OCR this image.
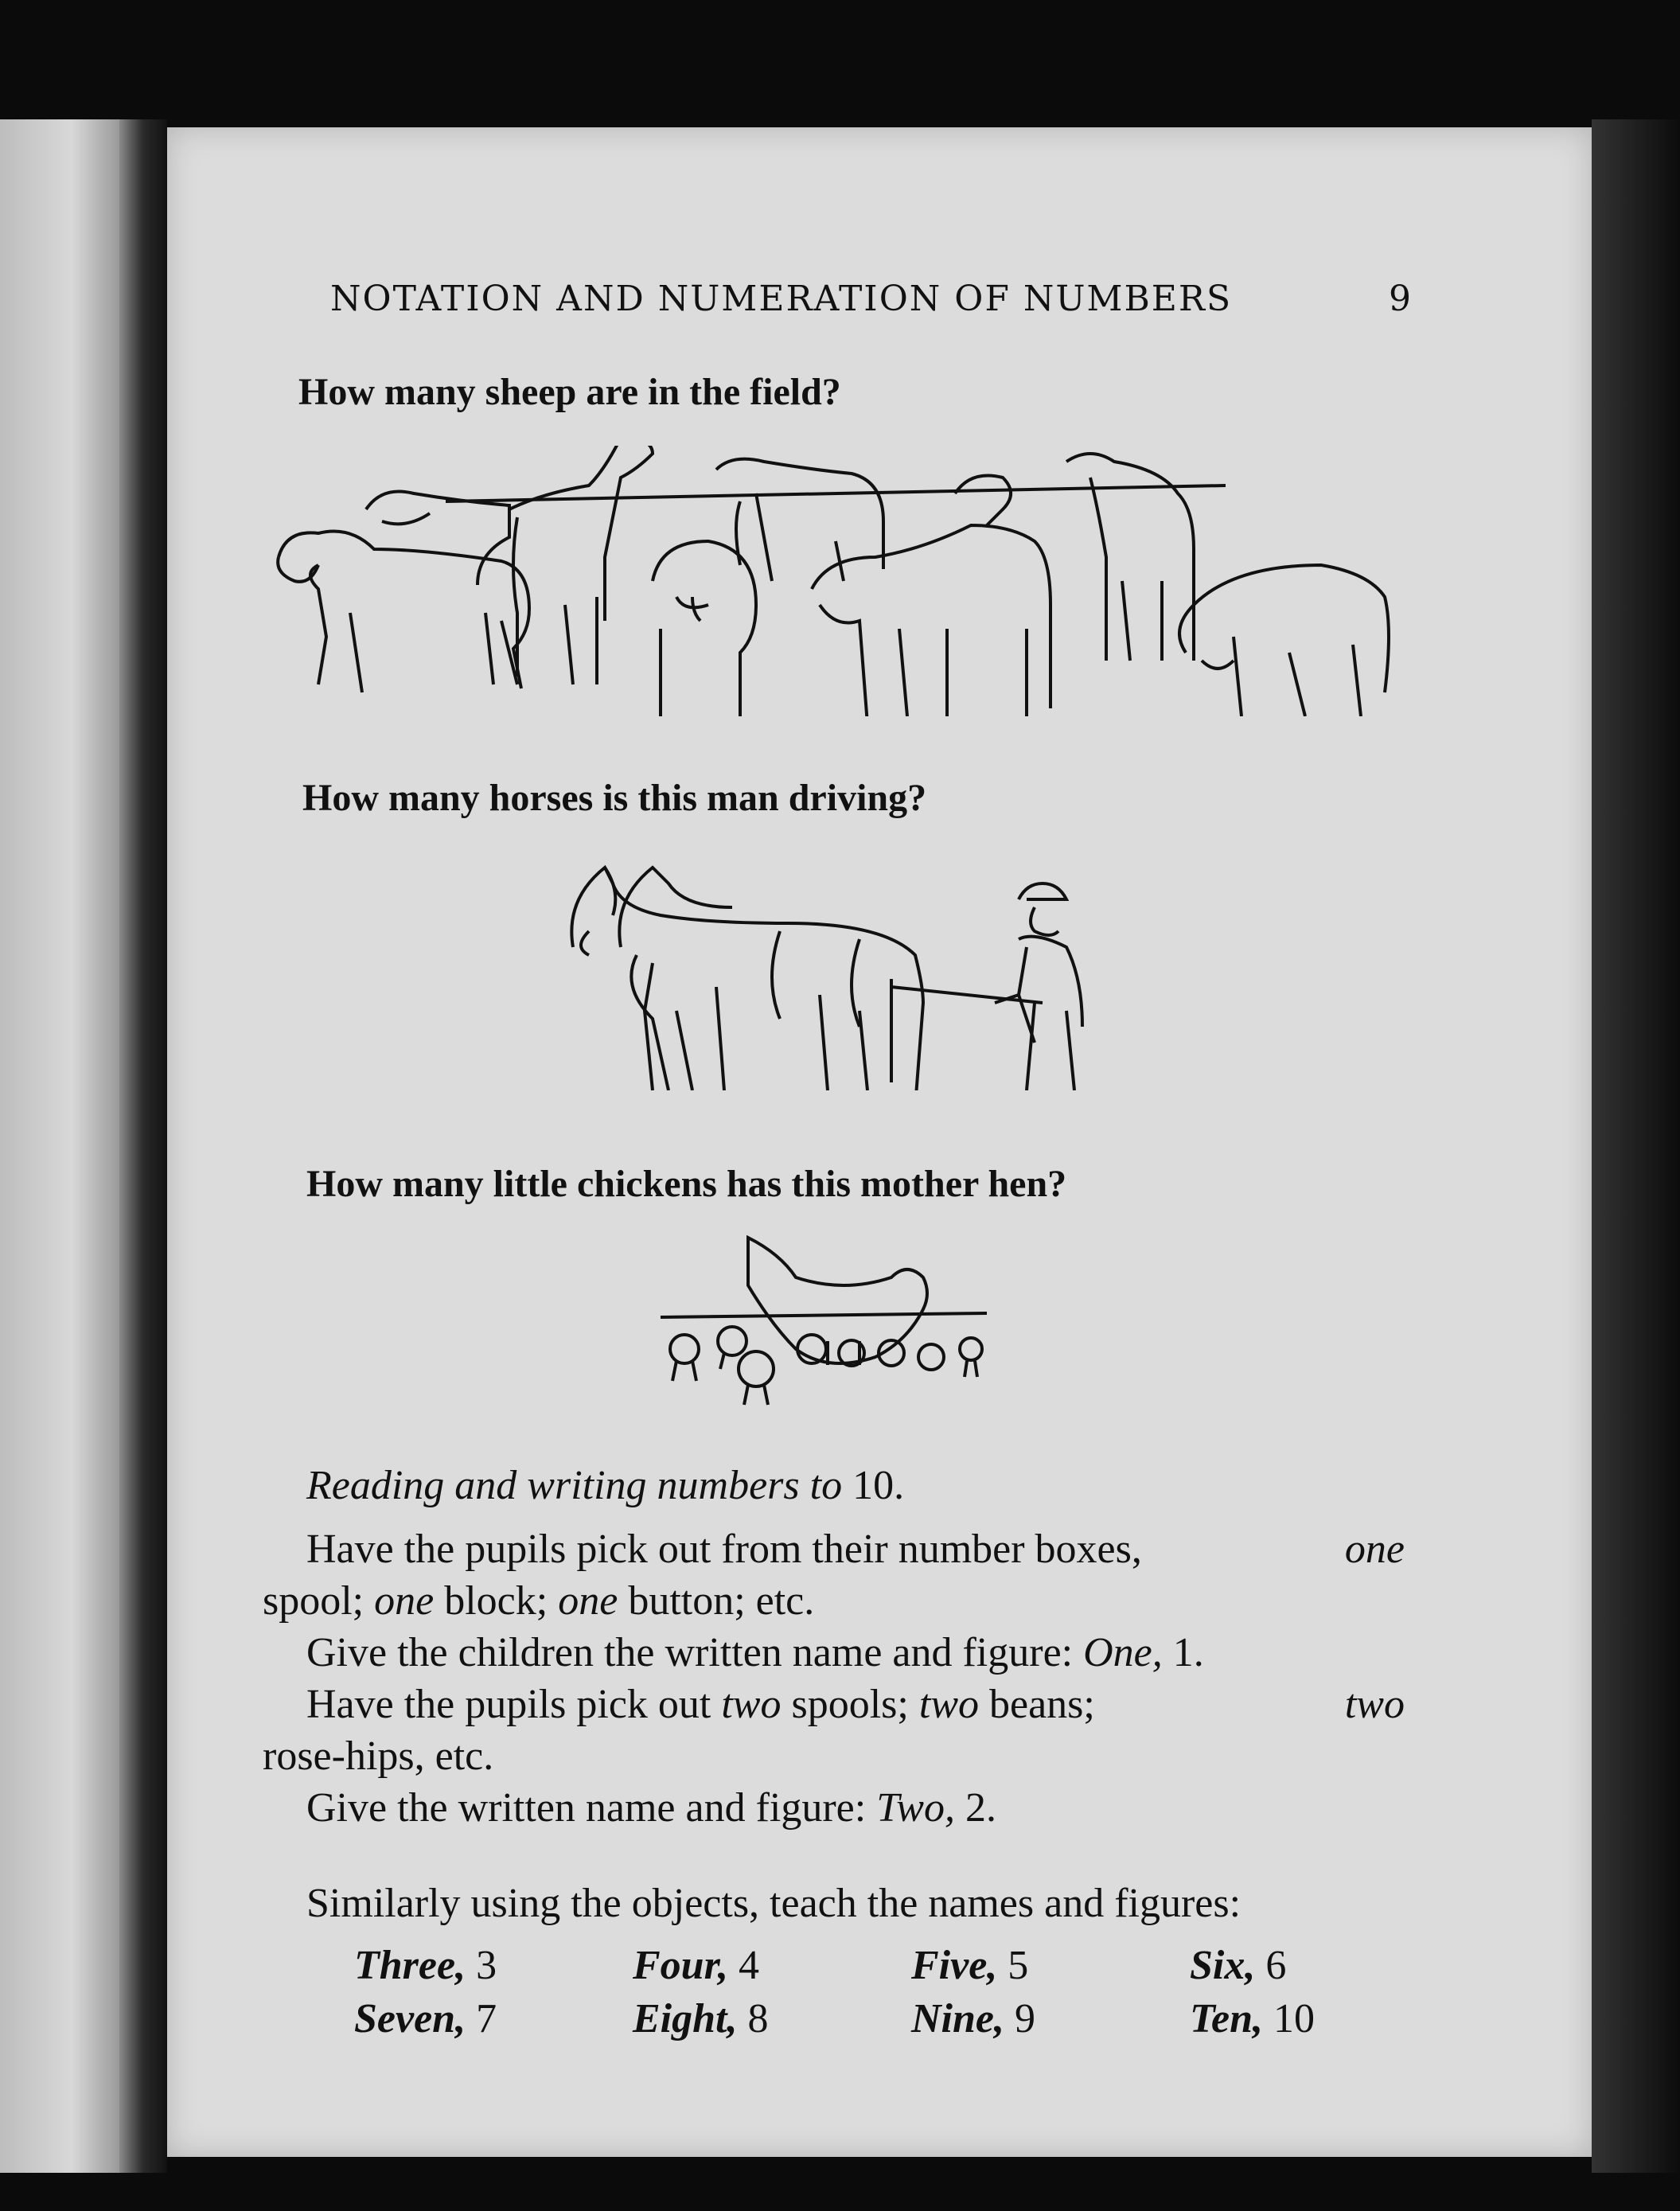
NOTATION AND NUMERATION OF NUMBERS	9
How many sheep are in the field?
How many horses is this man driving?
How many little chickens has this mother hen?
Reading and writing numbers to 10.
Have the pupils pick out from their number boxes,	one
spool; one block; one button; etc.
Give the children the written name and figure: One, 1.
Have the pupils pick out two spools; two beans;	two
rose-hips, etc.
Give the written name and figure: Two, 2.
Similarly using the objects, teach the names and figures:
Three, 3	Four, 4	Five, 5	Six, 6
Seven, 7	Eight, 8	Nine, 9	Ten, 10
